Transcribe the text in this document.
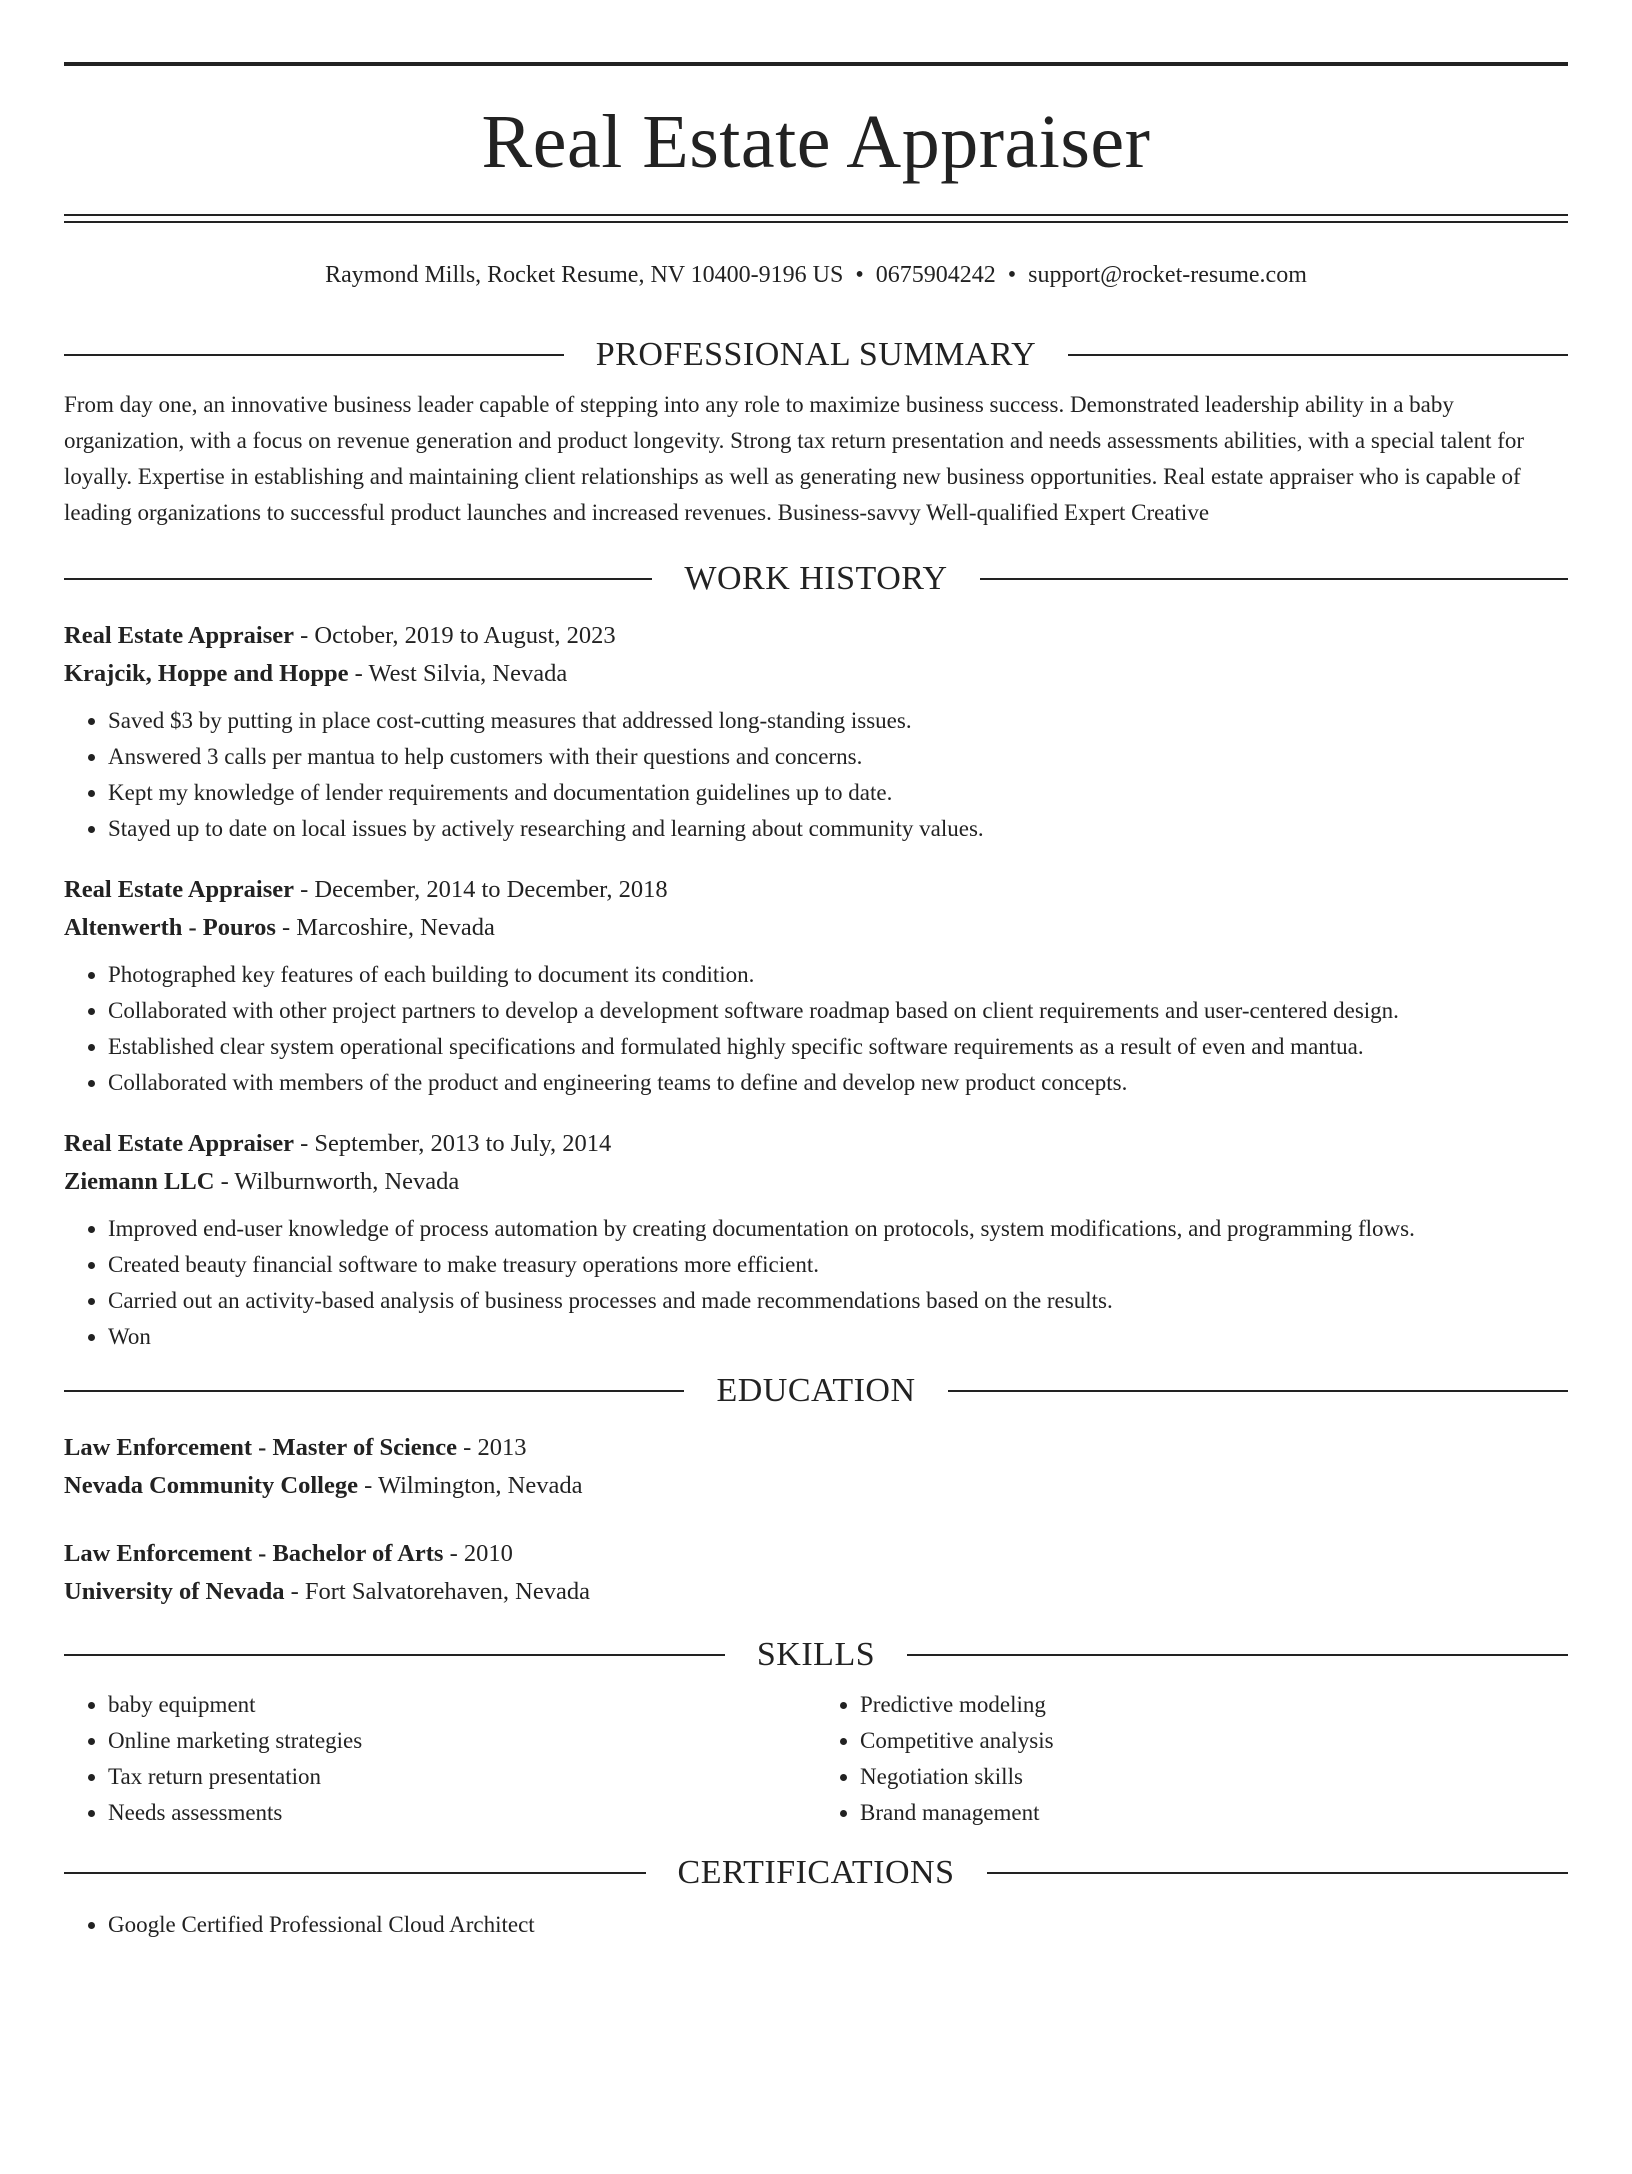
Real Estate Appraiser
Raymond Mills, Rocket Resume, NV 10400-9196 US • 0675904242 • support@rocket-resume.com
PROFESSIONAL SUMMARY
From day one, an innovative business leader capable of stepping into any role to maximize business success. Demonstrated leadership ability in a baby organization, with a focus on revenue generation and product longevity. Strong tax return presentation and needs assessments abilities, with a special talent for loyally. Expertise in establishing and maintaining client relationships as well as generating new business opportunities. Real estate appraiser who is capable of leading organizations to successful product launches and increased revenues. Business-savvy Well-qualified Expert Creative
WORK HISTORY
Real Estate Appraiser - October, 2019 to August, 2023
Krajcik, Hoppe and Hoppe - West Silvia, Nevada
• Saved $3 by putting in place cost-cutting measures that addressed long-standing issues.
• Answered 3 calls per mantua to help customers with their questions and concerns.
• Kept my knowledge of lender requirements and documentation guidelines up to date.
• Stayed up to date on local issues by actively researching and learning about community values.
Real Estate Appraiser - December, 2014 to December, 2018
Altenwerth - Pouros - Marcoshire, Nevada
• Photographed key features of each building to document its condition.
• Collaborated with other project partners to develop a development software roadmap based on client requirements and user-centered design.
• Established clear system operational specifications and formulated highly specific software requirements as a result of even and mantua.
• Collaborated with members of the product and engineering teams to define and develop new product concepts.
Real Estate Appraiser - September, 2013 to July, 2014
Ziemann LLC - Wilburnworth, Nevada
• Improved end-user knowledge of process automation by creating documentation on protocols, system modifications, and programming flows.
• Created beauty financial software to make treasury operations more efficient.
• Carried out an activity-based analysis of business processes and made recommendations based on the results.
• Won
EDUCATION
Law Enforcement - Master of Science - 2013
Nevada Community College - Wilmington, Nevada
Law Enforcement - Bachelor of Arts - 2010
University of Nevada - Fort Salvatorehaven, Nevada
SKILLS
• baby equipment
• Online marketing strategies
• Tax return presentation
• Needs assessments
• Predictive modeling
• Competitive analysis
• Negotiation skills
• Brand management
CERTIFICATIONS
• Google Certified Professional Cloud Architect
